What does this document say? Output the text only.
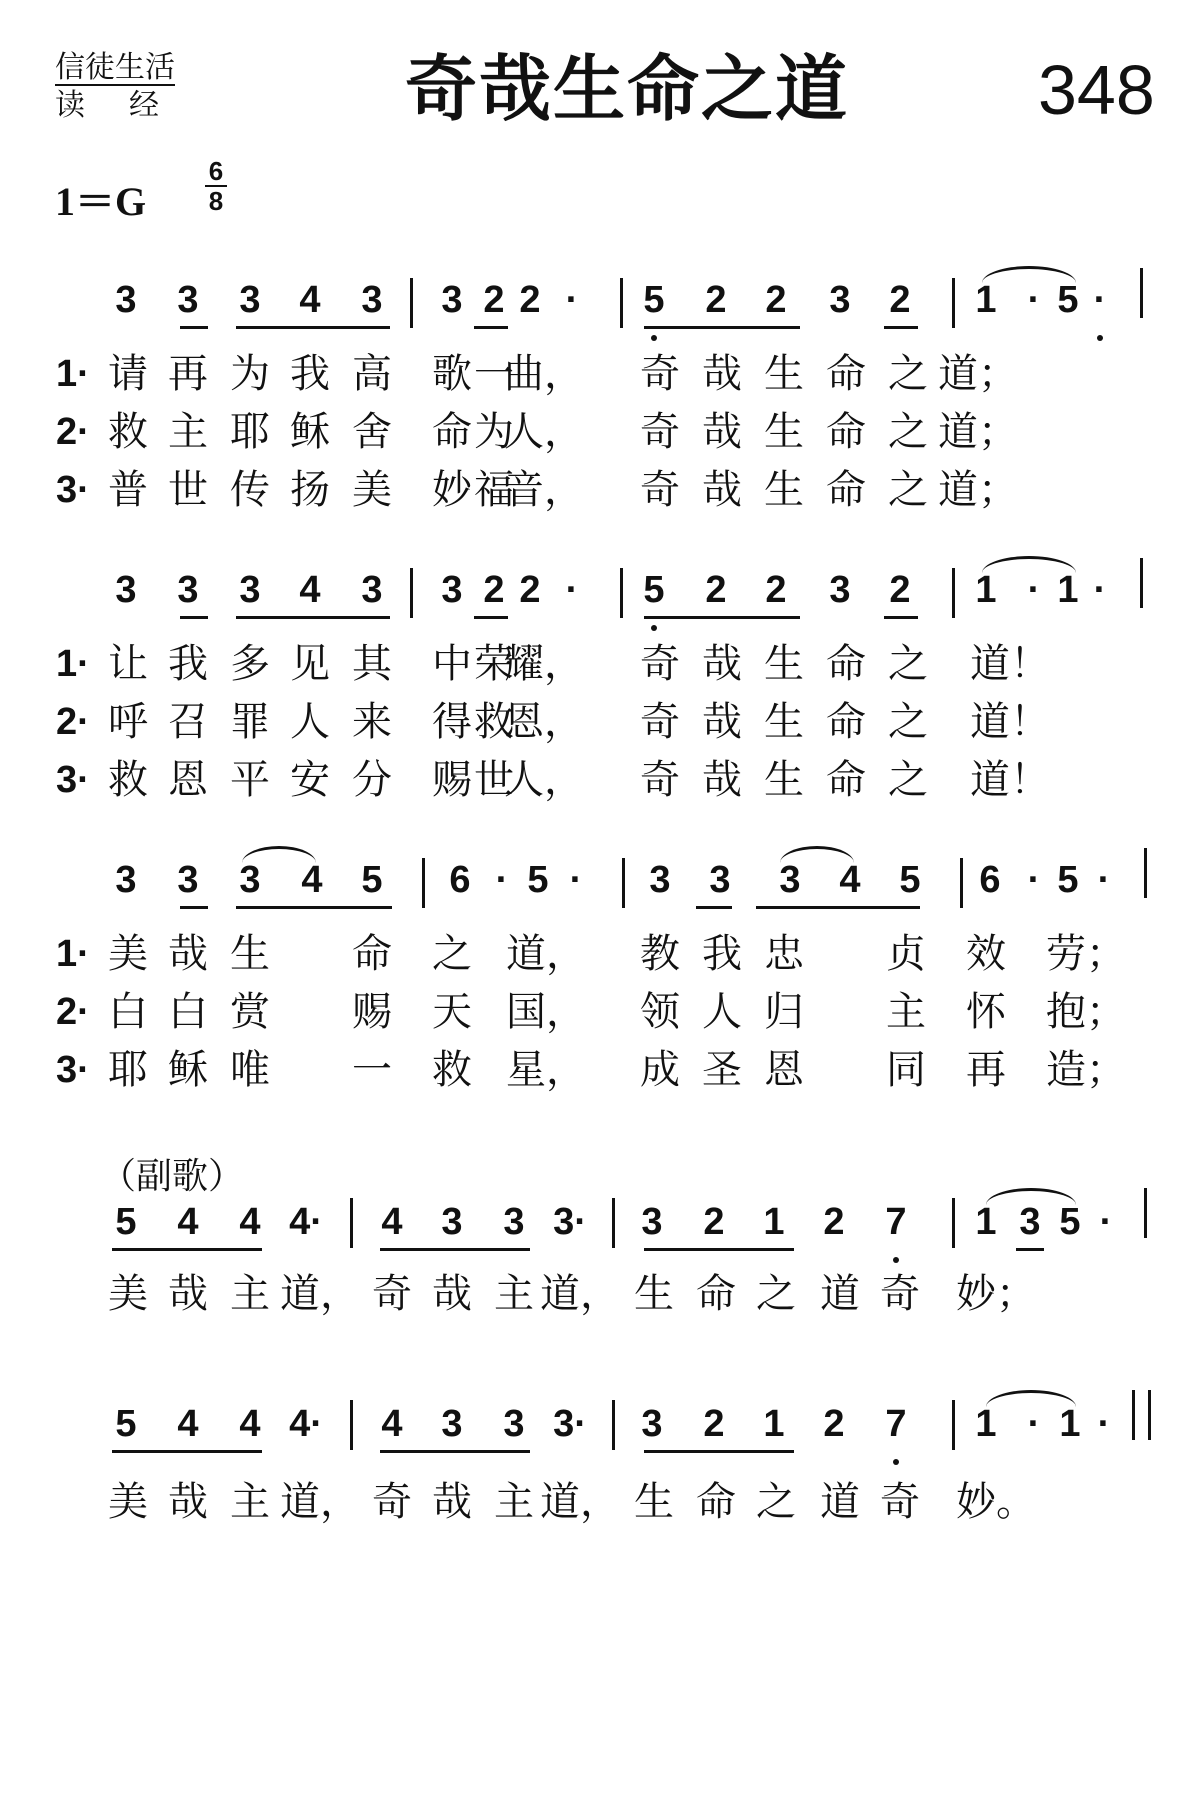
信徒生活
读经	奇哉生命之道	348
1＝G
6
8
（副歌）
3 3 3 4 3 3 2 2 · 5 2 2 3 2 1 · 5 ·
1· 请 再 为 我 高 歌 一
曲， 奇 哉 生 命 之 道；
2· 救 主 耶 稣 舍 命 为
人， 奇 哉 生 命 之 道；
3· 普 世 传 扬 美 妙 福
音， 奇 哉 生 命 之 道；
3 3 3 4 3 3 2 2 · 5 2 2 3 2 1 · 1 ·
1· 让 我 多 见 其 中 荣
耀， 奇 哉 生 命 之 道！
2· 呼 召 罪 人 来 得 救
恩， 奇 哉 生 命 之 道！
3· 救 恩 平 安 分 赐 世
人， 奇 哉 生 命 之 道！
3 3 3 4 5 6 · 5 · 3 3 3 4 5 6 · 5 ·
1· 美 哉 生 命 之 道， 教 我 忠 贞 效 劳；
2· 白 白 赏 赐 天 国， 领 人 归 主 怀 抱；
3· 耶 稣 唯 一 救 星， 成 圣 恩 同 再 造；
5 4 4 4· 4 3 3 3· 3 2 1 2 7 1 3 5 ·
美 哉 主 道， 奇 哉 主 道， 生 命 之 道 奇 妙；
5 4 4 4· 4 3 3 3· 3 2 1 2 7 1 · 1 ·
美 哉 主 道， 奇 哉 主 道， 生 命 之 道 奇 妙。
